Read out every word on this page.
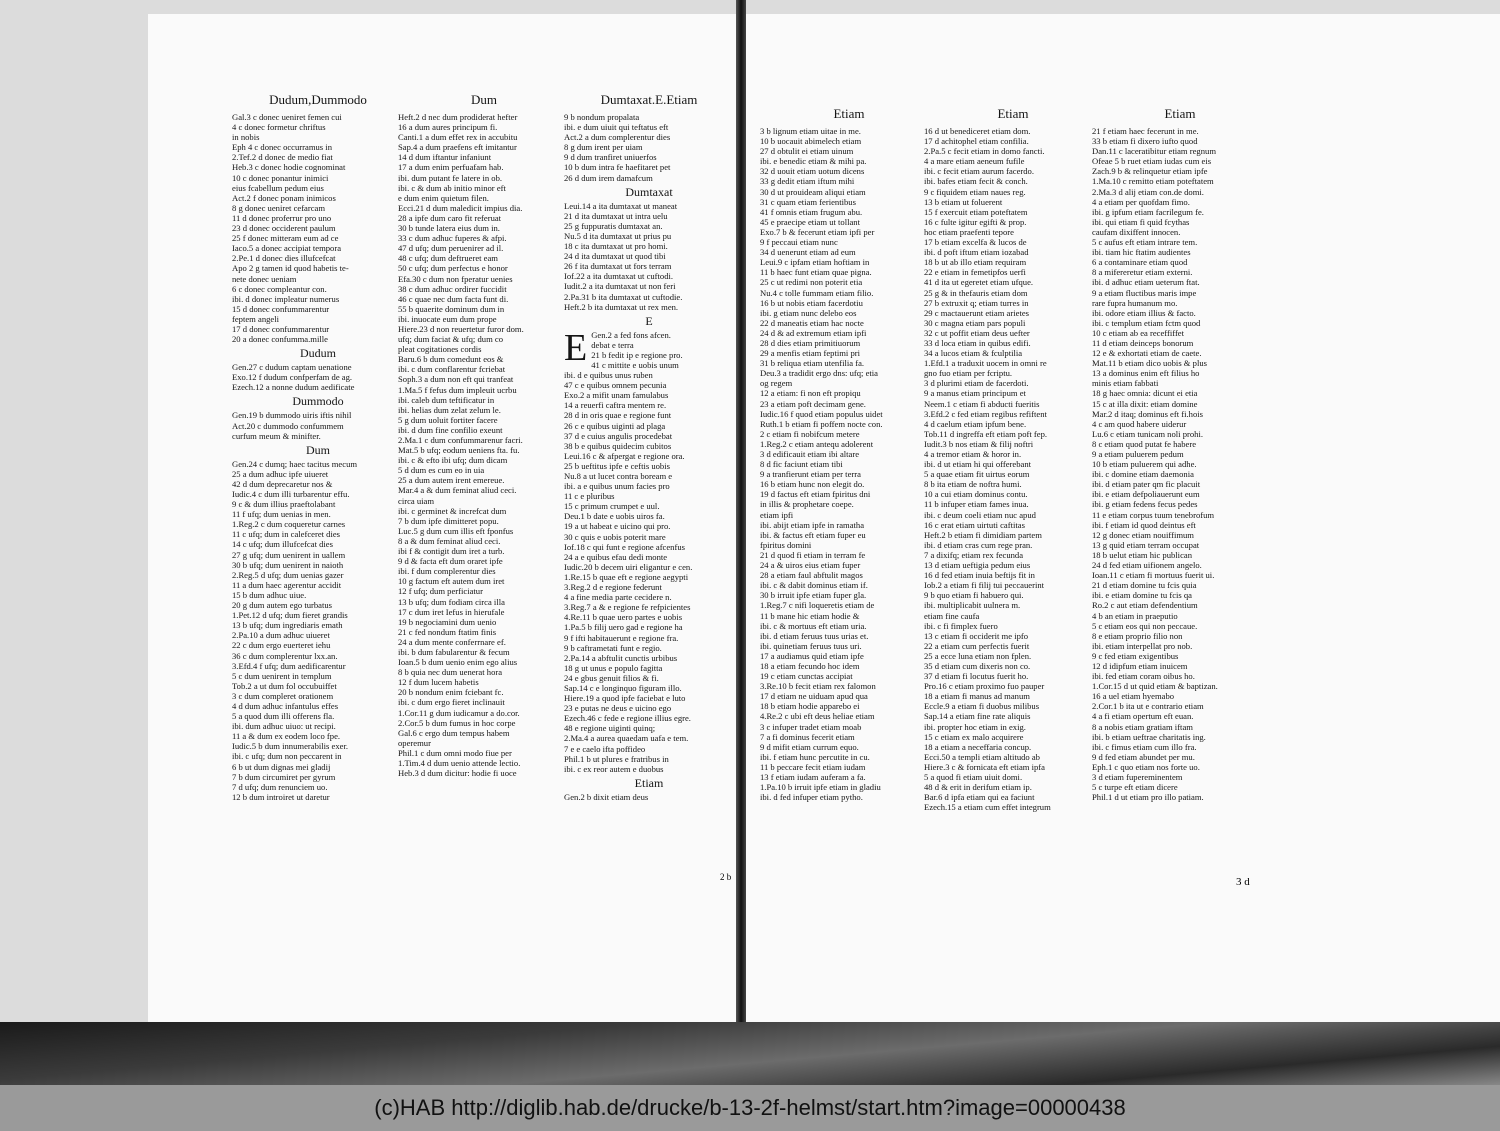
Dudum,Dummodo
Gal.3 c donec ueniret femen cui
4 c donec formetur chriftus
in nobis
Eph 4 c donec occurramus in
2.Tef.2 d donec de medio fiat
Heb.3 c donec hodie cognominat
10 c donec ponantur inimici
eius fcabellum pedum eius
Act.2 f donec ponam inimicos
8 g donec ueniret cefarcam
11 d donec proferrur pro uno
23 d donec occiderent paulum
25 f donec mitteram eum ad ce
Iaco.5 a donec accipiat tempora
2.Pe.1 d donec dies illufcefcat
Apo 2 g tamen id quod habetis te-
nete donec ueniam
6 c donec compleantur con.
ibi. d donec impleatur numerus
15 d donec confummarentur
feptem angeli
17 d donec confummarentur
20 a donec confumma.mille
Dudum
Gen.27 c dudum captam uenatione
Exo.12 f dudum confperfam de ag.
Ezech.12 a nonne dudum aedificate
Dummodo
Gen.19 b dummodo uiris iftis nihil
Act.20 c dummodo confummem
curfum meum & minifter.
Dum
Gen.24 c dumq; haec tacitus mecum
25 a dum adhuc ipfe uiueret
42 d dum deprecaretur nos &
Iudic.4 c dum illi turbarentur effu.
9 c & dum illius praeftolabant
11 f ufq; dum uenias in men.
1.Reg.2 c dum coqueretur carnes
11 c ufq; dum in calefceret dies
14 c ufq; dum illufcefcat dies
27 g ufq; dum uenirent in uallem
30 b ufq; dum uenirent in naioth
2.Reg.5 d ufq; dum uenias gazer
11 a dum haec agerentur accidit
15 b dum adhuc uiue.
20 g dum autem ego turbatus
1.Pet.12 d ufq; dum fieret grandis
13 b ufq; dum ingrediaris emath
2.Pa.10 a dum adhuc uiueret
22 c dum ergo euerteret iehu
36 c dum complerentur lxx.an.
3.Efd.4 f ufq; dum aedificarentur
5 c dum uenirent in templum
Tob.2 a ut dum fol occubuiffet
3 c dum compleret orationem
4 d dum adhuc infantulus effes
5 a quod dum illi offerens fla.
ibi. dum adhuc uiuo: ut recipi.
11 a & dum ex eodem loco fpe.
Iudic.5 b dum innumerabilis exer.
ibi. c ufq; dum non peccarent in
6 b ut dum dignas mei gladij
7 b dum circumiret per gyrum
7 d ufq; dum renunciem uo.
12 b dum introiret ut daretur
Dum
Heft.2 d nec dum prodiderat hefter
16 a dum aures principum fi.
Canti.1 a dum effet rex in accubitu
Sap.4 a dum praefens eft imitantur
14 d dum iftantur infaniunt
17 a dum enim perfuafam hab.
ibi. dum putant fe latere in ob.
ibi. c & dum ab initio minor eft
e dum enim quietum filen.
Ecci.21 d dum maledicit impius dia.
28 a ipfe dum caro fit referuat
30 b tunde latera eius dum in.
33 c dum adhuc fuperes & afpi.
47 d ufq; dum peruenirer ad il.
48 c ufq; dum deftrueret eam
50 c ufq; dum perfectus e honor
Efa.30 c dum non fperatur uenies
38 c dum adhuc ordirer fuccidit
46 c quae nec dum facta funt di.
55 b quaerite dominum dum in
ibi. inuocate eum dum prope
Hiere.23 d non reuertetur furor dom.
ufq; dum faciat & ufq; dum co
pleat cogitationes cordis
Baru.6 b dum comedunt eos &
ibi. c dum conflarentur fcriebat
Soph.3 a dum non eft qui tranfeat
1.Ma.5 f fefus dum impleuit ucrbu
ibi. caleb dum teftificatur in
ibi. helias dum zelat zelum le.
5 g dum uoluit fortiter facere
ibi. d dum fine confilio exeunt
2.Ma.1 c dum confummarenur facri.
Mat.5 b ufq; eodum ueniens fta. fu.
ibi. c & efto ibi ufq; dum dicam
5 d dum es cum eo in uia
25 a dum autem irent emereue.
Mar.4 a & dum feminat aliud ceci.
circa uiam
ibi. c germinet & increfcat dum
7 b dum ipfe dimitteret popu.
Luc.5 g dum cum illis eft fponfus
8 a & dum feminat aliud ceci.
ibi f & contigit dum iret a turb.
9 d & facta eft dum oraret ipfe
ibi. f dum complerentur dies
10 g factum eft autem dum iret
12 f ufq; dum perficiatur
13 b ufq; dum fodiam circa illa
17 c dum iret Iefus in hierufale
19 b negociamini dum uenio
21 c fed nondum ftatim finis
24 a dum mente conferrnare ef.
ibi. b dum fabularentur & fecum
Ioan.5 b dum uenio enim ego alius
8 b quia nec dum uenerat hora
12 f dum lucem habetis
20 b nondum enim fciebant fc.
ibi. c dum ergo fieret inclinauit
1.Cor.11 g dum iudicamur a do.cor.
2.Cor.5 b dum fumus in hoc corpe
Gal.6 c ergo dum tempus habem
operemur
Phil.1 c dum omni modo fiue per
1.Tim.4 d dum uenio attende lectio.
Heb.3 d dum dicitur: hodie fi uoce
Dumtaxat.E.Etiam
9 b nondum propalata
ibi. e dum uiuit qui teftatus eft
Act.2 a dum complerentur dies
8 g dum irent per uiam
9 d dum tranfiret uniuerfos
10 b dum intra fe haefitaret pet
26 d dum irem damafcum
Dumtaxat
Leui.14 a ita dumtaxat ut maneat
21 d ita dumtaxat ut intra uelu
25 g fuppuratis dumtaxat an.
Nu.5 d ita dumtaxat ut prius pu
18 c ita dumtaxat ut pro homi.
24 d ita dumtaxat ut quod tibi
26 f ita dumtaxat ut fors terram
Iof.22 a ita dumtaxat ut cuftodi.
Iudit.2 a ita dumtaxat ut non feri
2.Pa.31 b ita dumtaxat ut cuftodie.
Heft.2 b ita dumtaxat ut rex men.
E
E Gen.2 a fed fons afcen.
debat e terra
21 b fedit ip e regione pro.
41 c mittite e uobis unum
ibi. d e quibus unus ruben
47 c e quibus omnem pecunia
Exo.2 a mifit unam famulabus
14 a reuerfi caftra mentem re.
28 d in oris quae e regione funt
26 c e quibus uiginti ad plaga
37 d e cuius angulis procedebat
38 b e quibus quidecim cubitos
Leui.16 c & afpergat e regione ora.
25 b ueftitus ipfe e ceftis uobis
Nu.8 a ut lucet contra boream e
ibi. a e quibus unum facies pro
11 c e pluribus
15 c primum crumpet e uul.
Deu.1 b date e uobis uiros fa.
19 a ut habeat e uicino qui pro.
30 c quis e uobis poterit mare
Iof.18 c qui funt e regione afcenfus
24 a e quibus efau dedi monte
Iudic.20 b decem uiri eligantur e cen.
1.Re.15 b quae eft e regione aegypti
3.Reg.2 d e regione federunt
4 a fine media parte cecidere n.
3.Reg.7 a & e regione fe refpicientes
4.Re.11 b quae uero partes e uobis
1.Pa.5 b filij uero gad e regione ha
9 f ifti habitauerunt e regione fra.
9 b caftrametati funt e regio.
2.Pa.14 a abftulit cunctis urbibus
18 g ut unus e populo fagitta
24 e gbus genuit filios & fi.
Sap.14 c e longinquo figuram illo.
Hiere.19 a quod ipfe faciebat e luto
23 e putas ne deus e uicino ego
Ezech.46 c fede e regione illius egre.
48 e regione uiginti quinq;
2.Ma.4 a aurea quaedam uafa e tem.
7 e e caelo ifta poffideo
Phil.1 b ut plures e fratribus in
ibi. c ex reor autem e duobus
Etiam
Gen.2 b dixit etiam deus
2 b
Etiam
3 b lignum etiam uitae in me.
10 b uocauit abimelech etiam
27 d obtulit ei etiam uinum
ibi. e benedic etiam & mihi pa.
32 d uouit etiam uotum dicens
33 g dedit etiam iftum mihi
30 d ut prouideam aliqui etiam
31 c quam etiam ferientibus
41 f omnis etiam frugum abu.
45 e praecipe etiam ut tollant
Exo.7 b & fecerunt etiam ipfi per
9 f peccaui etiam nunc
34 d uenerunt etiam ad eum
Leui.9 c ipfam etiam hoftiam in
11 b haec funt etiam quae pigna.
25 c ut redimi non poterit etia
Nu.4 c tolle fummam etiam filio.
16 b ut nobis etiam facerdotiu
ibi. g etiam nunc delebo eos
22 d maneatis etiam hac nocte
24 d & ad extremum etiam ipfi
28 d dies etiam primitiuorum
29 a menfis etiam feptimi pri
31 b reliqua etiam utenfilia fa.
Deu.3 a tradidit ergo dns: ufq; etia
og regem
12 a etiam: fi non eft propiqu
23 a etiam poft decimam gene.
Iudic.16 f quod etiam populus uidet
Ruth.1 b etiam fi poffem nocte con.
2 c etiam fi nobifcum metere
1.Reg.2 c etiam antequ adolerent
3 d edificauit etiam ibi altare
8 d fic faciunt etiam tibi
9 a tranfierunt etiam per terra
16 b etiam hunc non elegit do.
19 d factus eft etiam fpiritus dni
in illis & prophetare coepe.
etiam ipfi
ibi. abijt etiam ipfe in ramatha
ibi. & factus eft etiam fuper eu
fpiritus domini
21 d quod fi etiam in terram fe
24 a & uiros eius etiam fuper
28 a etiam faul abftulit magos
ibi. c & dabit dominus etiam if.
30 b irruit ipfe etiam fuper gla.
1.Reg.7 c nifi loqueretis etiam de
11 b mane hic etiam hodie &
ibi. c & mortuus eft etiam uria.
ibi. d etiam feruus tuus urias et.
ibi. quinetiam feruus tuus uri.
17 a audiamus quid etiam ipfe
18 a etiam fecundo hoc idem
19 c etiam cunctas accipiat
3.Re.10 b fecit etiam rex falomon
17 d etiam ne uiduam apud qua
18 b etiam hodie apparebo ei
4.Re.2 c ubi eft deus heliae etiam
3 c infuper tradet etiam moab
7 a fi dominus fecerit etiam
9 d mifit etiam currum equo.
ibi. f etiam hunc percutite in cu.
11 b peccare fecit etiam iudam
13 f etiam iudam auferam a fa.
1.Pa.10 b irruit ipfe etiam in gladiu
ibi. d fed infuper etiam pytho.
Etiam
16 d ut benediceret etiam dom.
17 d achitophel etiam confilia.
2.Pa.5 c fecit etiam in domo fancti.
4 a mare etiam aeneum fufile
ibi. c fecit etiam aurum facerdo.
ibi. bafes etiam fecit & conch.
9 c fiquidem etiam naues reg.
13 b etiam ut foluerent
15 f exercuit etiam poteftatem
16 c fulte igitur egifti & prop.
hoc etiam praefenti tepore
17 b etiam excelfa & lucos de
ibi. d poft iftum etiam iozabad
18 b ut ab illo etiam requiram
22 e etiam in femetipfos uerfi
41 d ita ut egeretet etiam ufque.
25 g & in thefauris etiam dom
27 b extruxit q; etiam turres in
29 c mactauerunt etiam arietes
30 c magna etiam pars populi
32 c ut poffit etiam deus uefter
33 d loca etiam in quibus edifi.
34 a lucos etiam & fculptilia
1.Efd.1 a traduxit uocem in omni re
gno fuo etiam per fcriptu.
3 d plurimi etiam de facerdoti.
9 a manus etiam principum et
Neem.1 c etiam fi abducti fueritis
3.Efd.2 c fed etiam regibus refiftent
4 d caelum etiam ipfum bene.
Tob.11 d ingreffa eft etiam poft fep.
Iudit.3 b nos etiam & filij noftri
4 a tremor etiam & horor in.
ibi. d ut etiam hi qui offerebant
5 a quae etiam fit uirtus eorum
8 b ita etiam de noftra humi.
10 a cui etiam dominus contu.
11 b infuper etiam fames inua.
ibi. c deum coeli etiam nuc apud
16 c erat etiam uirtuti caftitas
Heft.2 b etiam fi dimidiam partem
ibi. d etiam cras cum rege pran.
7 a dixifq; etiam rex fecunda
13 d etiam ueftigia pedum eius
16 d fed etiam inuia beftijs fit in
Iob.2 a etiam fi filij tui peccauerint
9 b quo etiam fi habuero qui.
ibi. multiplicabit uulnera m.
etiam fine caufa
ibi. c fi fimplex fuero
13 c etiam fi occiderit me ipfo
22 a etiam cum perfectis fuerit
25 a ecce luna etiam non fplen.
35 d etiam cum dixeris non co.
37 d etiam fi locutus fuerit ho.
Pro.16 c etiam proximo fuo pauper
18 a etiam fi manus ad manum
Eccle.9 a etiam fi duobus milibus
Sap.14 a etiam fine rate aliquis
ibi. propter hoc etiam in exig.
15 c etiam ex malo acquirere
18 a etiam a neceffaria concup.
Ecci.50 a templi etiam altitudo ab
Hiere.3 c & fornicata eft etiam ipfa
5 a quod fi etiam uiuit domi.
48 d & erit in derifum etiam ip.
Bar.6 d ipfa etiam qui ea faciunt
Ezech.15 a etiam cum effet integrum
Etiam
21 f etiam haec fecerunt in me.
33 b etiam fi dixero iufto quod
Dan.11 c laceratibitur etiam regnum
Ofeae 5 b ruet etiam iudas cum eis
Zach.9 b & relinquetur etiam ipfe
1.Ma.10 c remitto etiam poteftatem
2.Ma.3 d alij etiam con.de domi.
4 a etiam per quofdam fimo.
ibi. g ipfum etiam facrilegum fe.
ibi. qui etiam fi quid fcythas
caufam dixiffent innocen.
5 c aufus eft etiam intrare tem.
ibi. tiam hic ftatim audientes
6 a contaminare etiam quod
8 a mifereretur etiam externi.
ibi. d adhuc etiam ueterum ftat.
9 a etiam fluctibus maris impe
rare fupra humanum mo.
ibi. odore etiam illius & facto.
ibi. c templum etiam fctm quod
10 c etiam ab ea receffiffet
11 d etiam deinceps bonorum
12 e & exhortati etiam de caete.
Mat.11 b etiam dico uobis & plus
13 a dominus enim eft filius ho
minis etiam fabbati
18 g haec omnia: dicunt ei etia
15 c at illa dixit: etiam domine
Mar.2 d itaq; dominus eft fi.hois
4 c am quod habere uiderur
Lu.6 c etiam tunicam noli prohi.
8 c etiam quod putat fe habere
9 a etiam puluerem pedum
10 b etiam puluerem qui adhe.
ibi. c domine etiam daemonia
ibi. d etiam pater qm fic placuit
ibi. e etiam defpoliauerunt eum
ibi. g etiam fedens fecus pedes
11 e etiam corpus tuum tenebrofum
ibi. f etiam id quod deintus eft
12 g donec etiam nouiffimum
13 g quid etiam terram occupat
18 b uelut etiam hic publican
24 d fed etiam uifionem angelo.
Ioan.11 c etiam fi mortuus fuerit ui.
21 d etiam domine tu fcis quia
ibi. e etiam domine tu fcis qa
Ro.2 c aut etiam defendentium
4 b an etiam in praeputio
5 c etiam eos qui non peccaue.
8 e etiam proprio filio non
ibi. etiam interpellat pro nob.
9 c fed etiam exigentibus
12 d idipfum etiam inuicem
ibi. fed etiam coram oibus ho.
1.Cor.15 d ut quid etiam & baptizan.
16 a uel etiam hyemabo
2.Cor.1 b ita ut e contrario etiam
4 a fi etiam opertum eft euan.
8 a nobis etiam gratiam iftam
ibi. b etiam ueftrae charitatis ing.
ibi. c fimus etiam cum illo fra.
9 d fed etiam abundet per mu.
Eph.1 c quo etiam nos forte uo.
3 d etiam fupereminentem
5 c turpe eft etiam dicere
Phil.1 d ut etiam pro illo patiam.
3 d
(c)HAB http://diglib.hab.de/drucke/b-13-2f-helmst/start.htm?image=00000438
